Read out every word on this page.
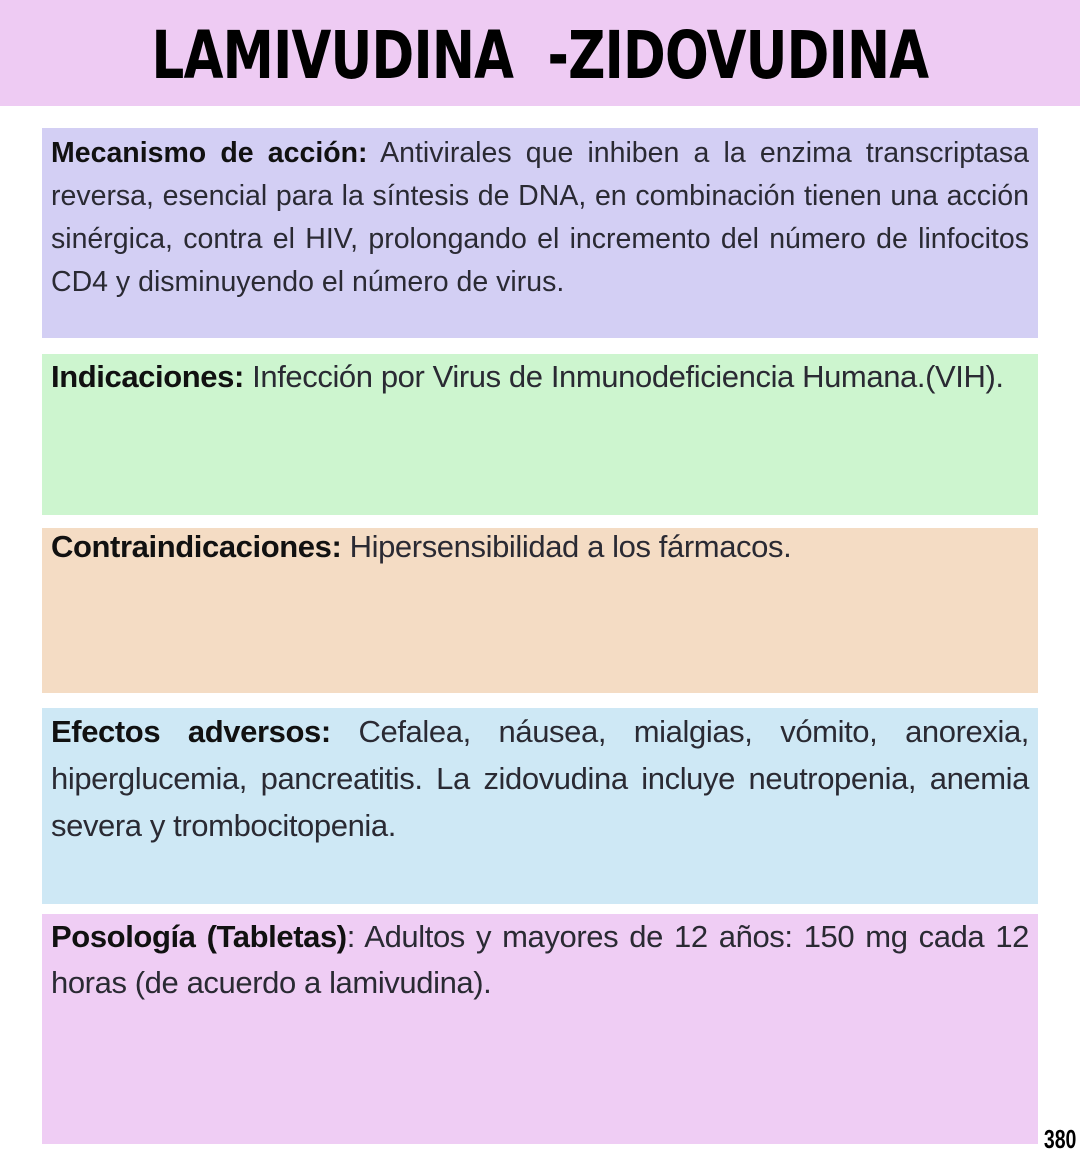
LAMIVUDINA  -ZIDOVUDINA
Mecanismo de acción: Antivirales que inhiben a la enzima transcriptasa reversa, esencial para la síntesis de DNA, en combinación tienen una acción sinérgica, contra el HIV, prolongando el incremento del número de linfocitos CD4 y disminuyendo el número de virus.
Indicaciones: Infección por Virus de Inmunodeficiencia Humana.(VIH).
Contraindicaciones: Hipersensibilidad a los fármacos.
Efectos adversos: Cefalea, náusea, mialgias, vómito, anorexia, hiperglucemia, pancreatitis. La zidovudina incluye neutropenia, anemia severa y trombocitopenia.
Posología (Tabletas): Adultos y mayores de 12 años: 150 mg cada 12 horas (de acuerdo a lamivudina).
380
